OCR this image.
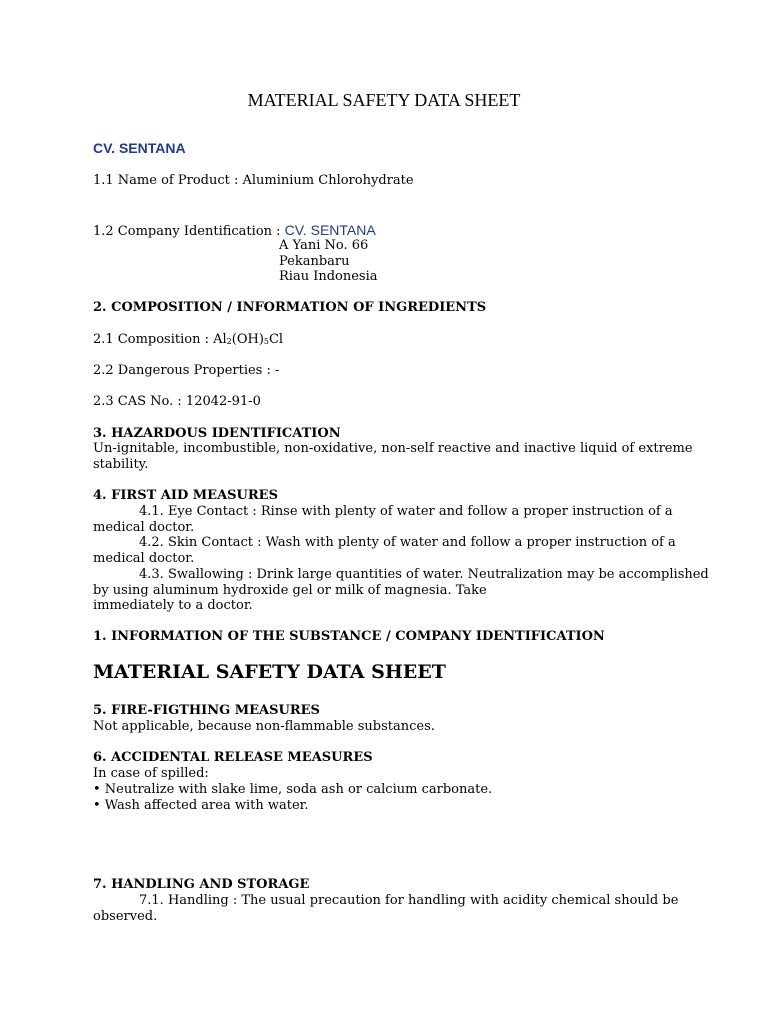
MATERIAL SAFETY DATA SHEET
CV. SENTANA
1.1 Name of Product : Aluminium Chlorohydrate
1.2 Company Identification : CV. SENTANA
A Yani No. 66
Pekanbaru
Riau Indonesia
2. COMPOSITION / INFORMATION OF INGREDIENTS
2.1 Composition : $Al_2(OH)_5Cl$
2.2 Dangerous Properties : -
2.3 CAS No. : 12042-91-0
3. HAZARDOUS IDENTIFICATION
Un-ignitable, incombustible, non-oxidative, non-self reactive and inactive liquid of extreme
stability.
4. FIRST AID MEASURES
4.1. Eye Contact : Rinse with plenty of water and follow a proper instruction of a
medical doctor.
4.2. Skin Contact : Wash with plenty of water and follow a proper instruction of a
medical doctor.
4.3. Swallowing : Drink large quantities of water. Neutralization may be accomplished
by using aluminum hydroxide gel or milk of magnesia. Take
immediately to a doctor.
1. INFORMATION OF THE SUBSTANCE / COMPANY IDENTIFICATION
MATERIAL SAFETY DATA SHEET
5. FIRE-FIGTHING MEASURES
Not applicable, because non-flammable substances.
6. ACCIDENTAL RELEASE MEASURES
In case of spilled:
• Neutralize with slake lime, soda ash or calcium carbonate.
• Wash affected area with water.
7. HANDLING AND STORAGE
7.1. Handling : The usual precaution for handling with acidity chemical should be
observed.
